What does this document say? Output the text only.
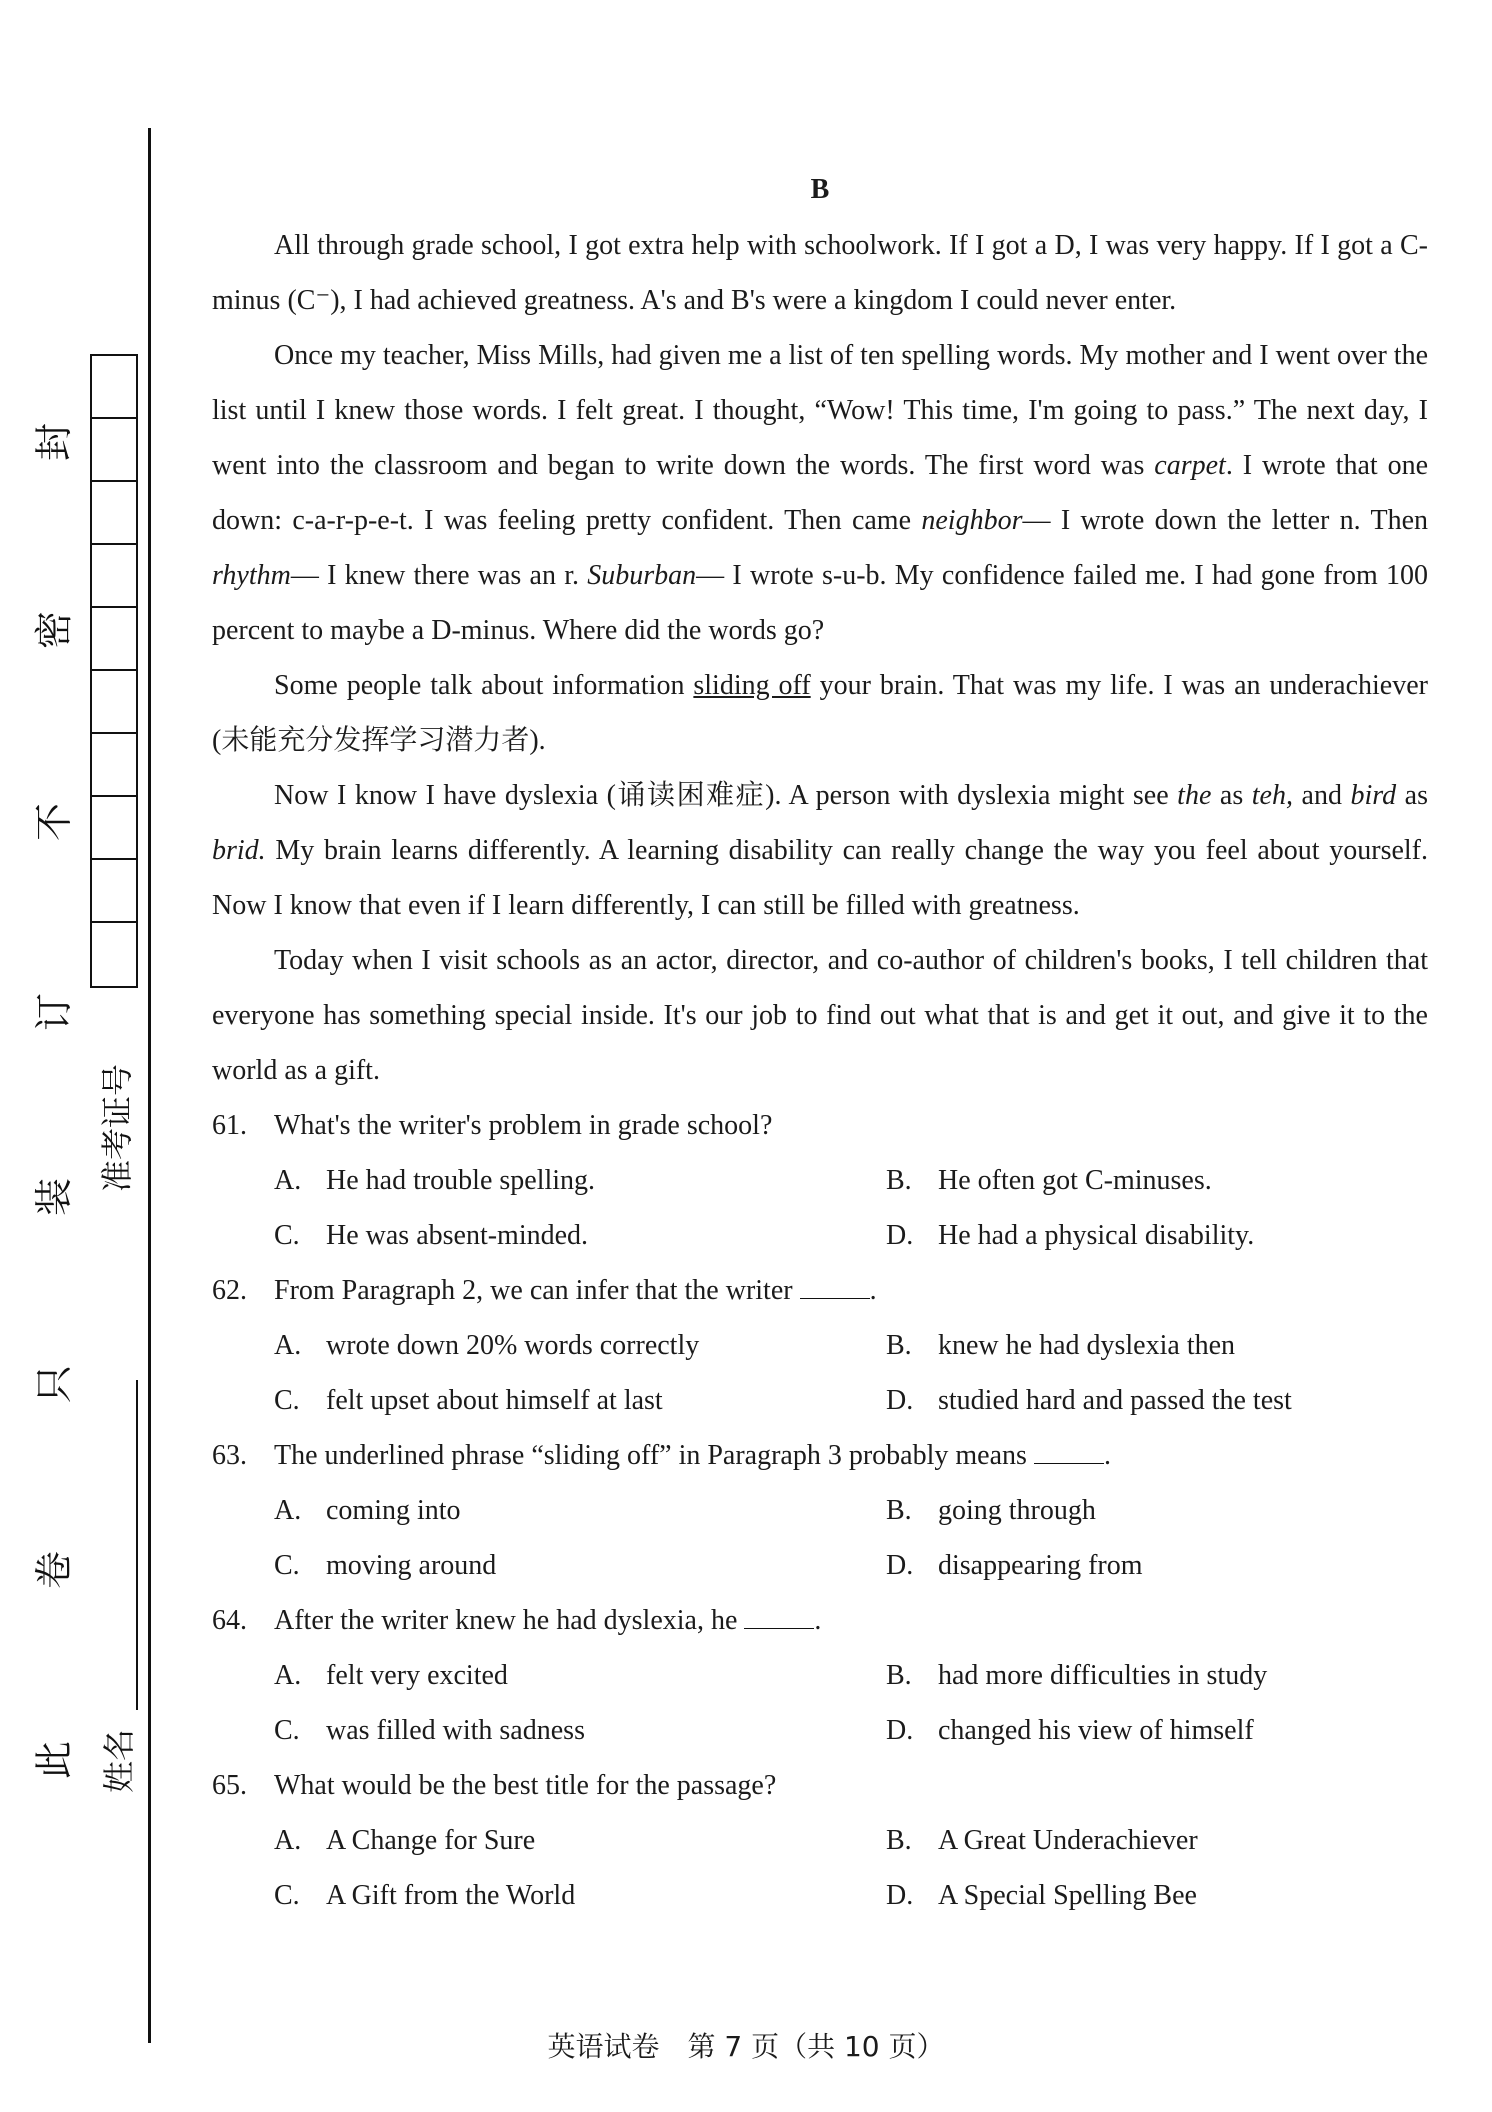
封
密
不
订
装
只
卷
此
准考证号
姓名
B

All through grade school, I got extra help with schoolwork. If I got a D, I was very happy. If I got a C-minus (C⁻), I had achieved greatness. A's and B's were a kingdom I could never enter.

Once my teacher, Miss Mills, had given me a list of ten spelling words. My mother and I went over the list until I knew those words. I felt great. I thought, “Wow! This time, I'm going to pass.” The next day, I went into the classroom and began to write down the words. The first word was carpet. I wrote that one down: c-a-r-p-e-t. I was feeling pretty confident. Then came neighbor— I wrote down the letter n. Then rhythm— I knew there was an r. Suburban— I wrote s-u-b. My confidence failed me. I had gone from 100 percent to maybe a D-minus. Where did the words go?

Some people talk about information sliding off your brain. That was my life. I was an underachiever (未能充分发挥学习潜力者).

Now I know I have dyslexia (诵读困难症). A person with dyslexia might see the as teh, and bird as brid. My brain learns differently. A learning disability can really change the way you feel about yourself. Now I know that even if I learn differently, I can still be filled with greatness.

Today when I visit schools as an actor, director, and co-author of children's books, I tell children that everyone has something special inside. It's our job to find out what that is and get it out, and give it to the world as a gift.

61. What's the writer's problem in grade school?
A. He had trouble spelling.	B. He often got C-minuses.
C. He was absent-minded.	D. He had a physical disability.
62. From Paragraph 2, we can infer that the writer	.
A. wrote down 20% words correctly	B. knew he had dyslexia then
C. felt upset about himself at last	D. studied hard and passed the test
63. The underlined phrase “sliding off” in Paragraph 3 probably means	.
A. coming into	B. going through
C. moving around	D. disappearing from
64. After the writer knew he had dyslexia, he	.
A. felt very excited	B. had more difficulties in study
C. was filled with sadness	D. changed his view of himself
65. What would be the best title for the passage?
A. A Change for Sure	B. A Great Underachiever
C. A Gift from the World	D. A Special Spelling Bee
英语试卷　第 7 页（共 10 页）
